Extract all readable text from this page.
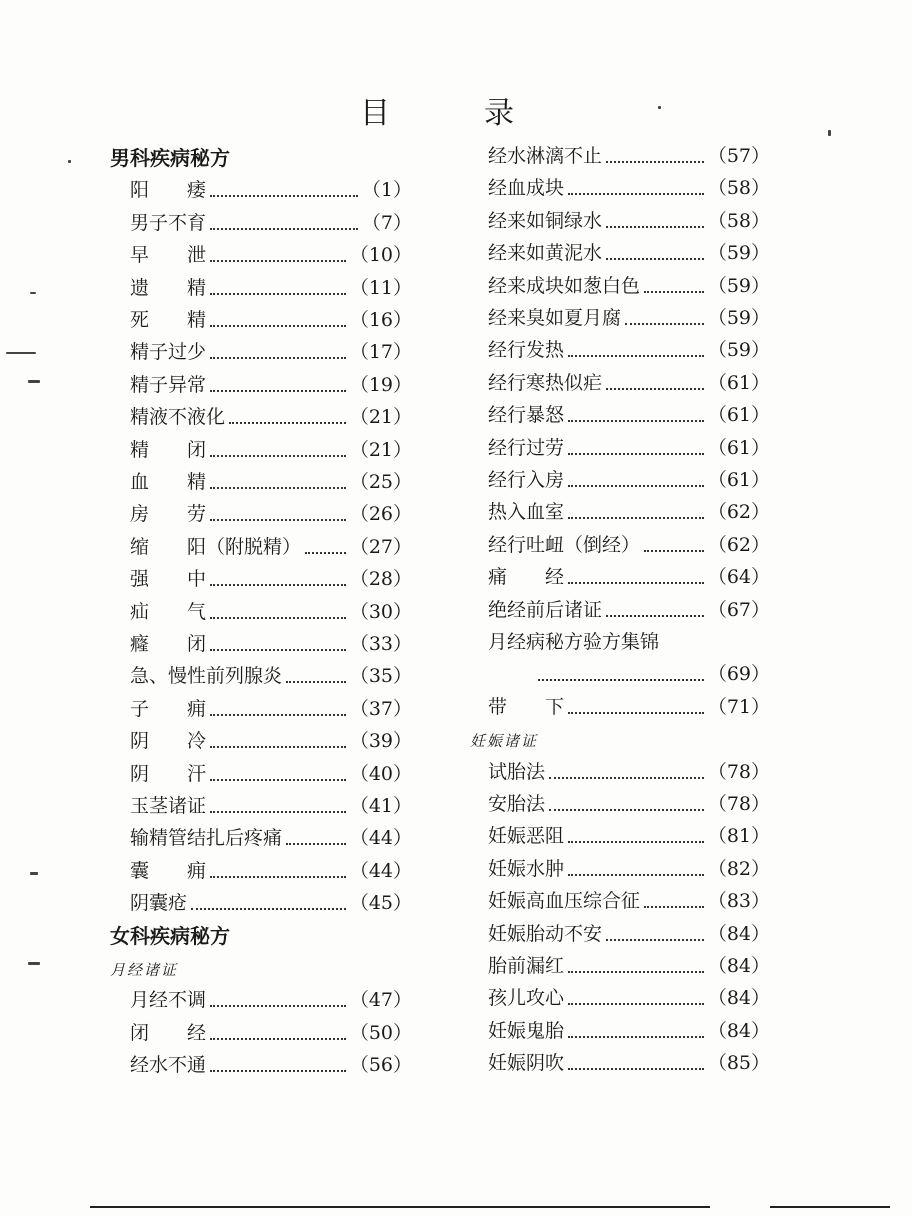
目	录
男科疾病秘方
阳　　痿	（1）
男子不育	（7）
早　　泄	（10）
遗　　精	（11）
死　　精	（16）
精子过少	（17）
精子异常	（19）
精液不液化	（21）
精　　闭	（21）
血　　精	（25）
房　　劳	（26）
缩　　阳（附脱精）	（27）
强　　中	（28）
疝　　气	（30）
癃　　闭	（33）
急、慢性前列腺炎	（35）
子　　痈	（37）
阴　　冷	（39）
阴　　汗	（40）
玉茎诸证	（41）
输精管结扎后疼痛	（44）
囊　　痈	（44）
阴囊疮	（45）
女科疾病秘方
月经诸证
月经不调	（47）
闭　　经	（50）
经水不通	（56）
经水淋漓不止	（57）
经血成块	（58）
经来如铜绿水	（58）
经来如黄泥水	（59）
经来成块如葱白色	（59）
经来臭如夏月腐	（59）
经行发热	（59）
经行寒热似疟	（61）
经行暴怒	（61）
经行过劳	（61）
经行入房	（61）
热入血室	（62）
经行吐衄（倒经）	（62）
痛　　经	（64）
绝经前后诸证	（67）
月经病秘方验方集锦
（69）
带　　下	（71）
妊娠诸证
试胎法	（78）
安胎法	（78）
妊娠恶阻	（81）
妊娠水肿	（82）
妊娠高血压综合征	（83）
妊娠胎动不安	（84）
胎前漏红	（84）
孩儿攻心	（84）
妊娠鬼胎	（84）
妊娠阴吹	（85）
